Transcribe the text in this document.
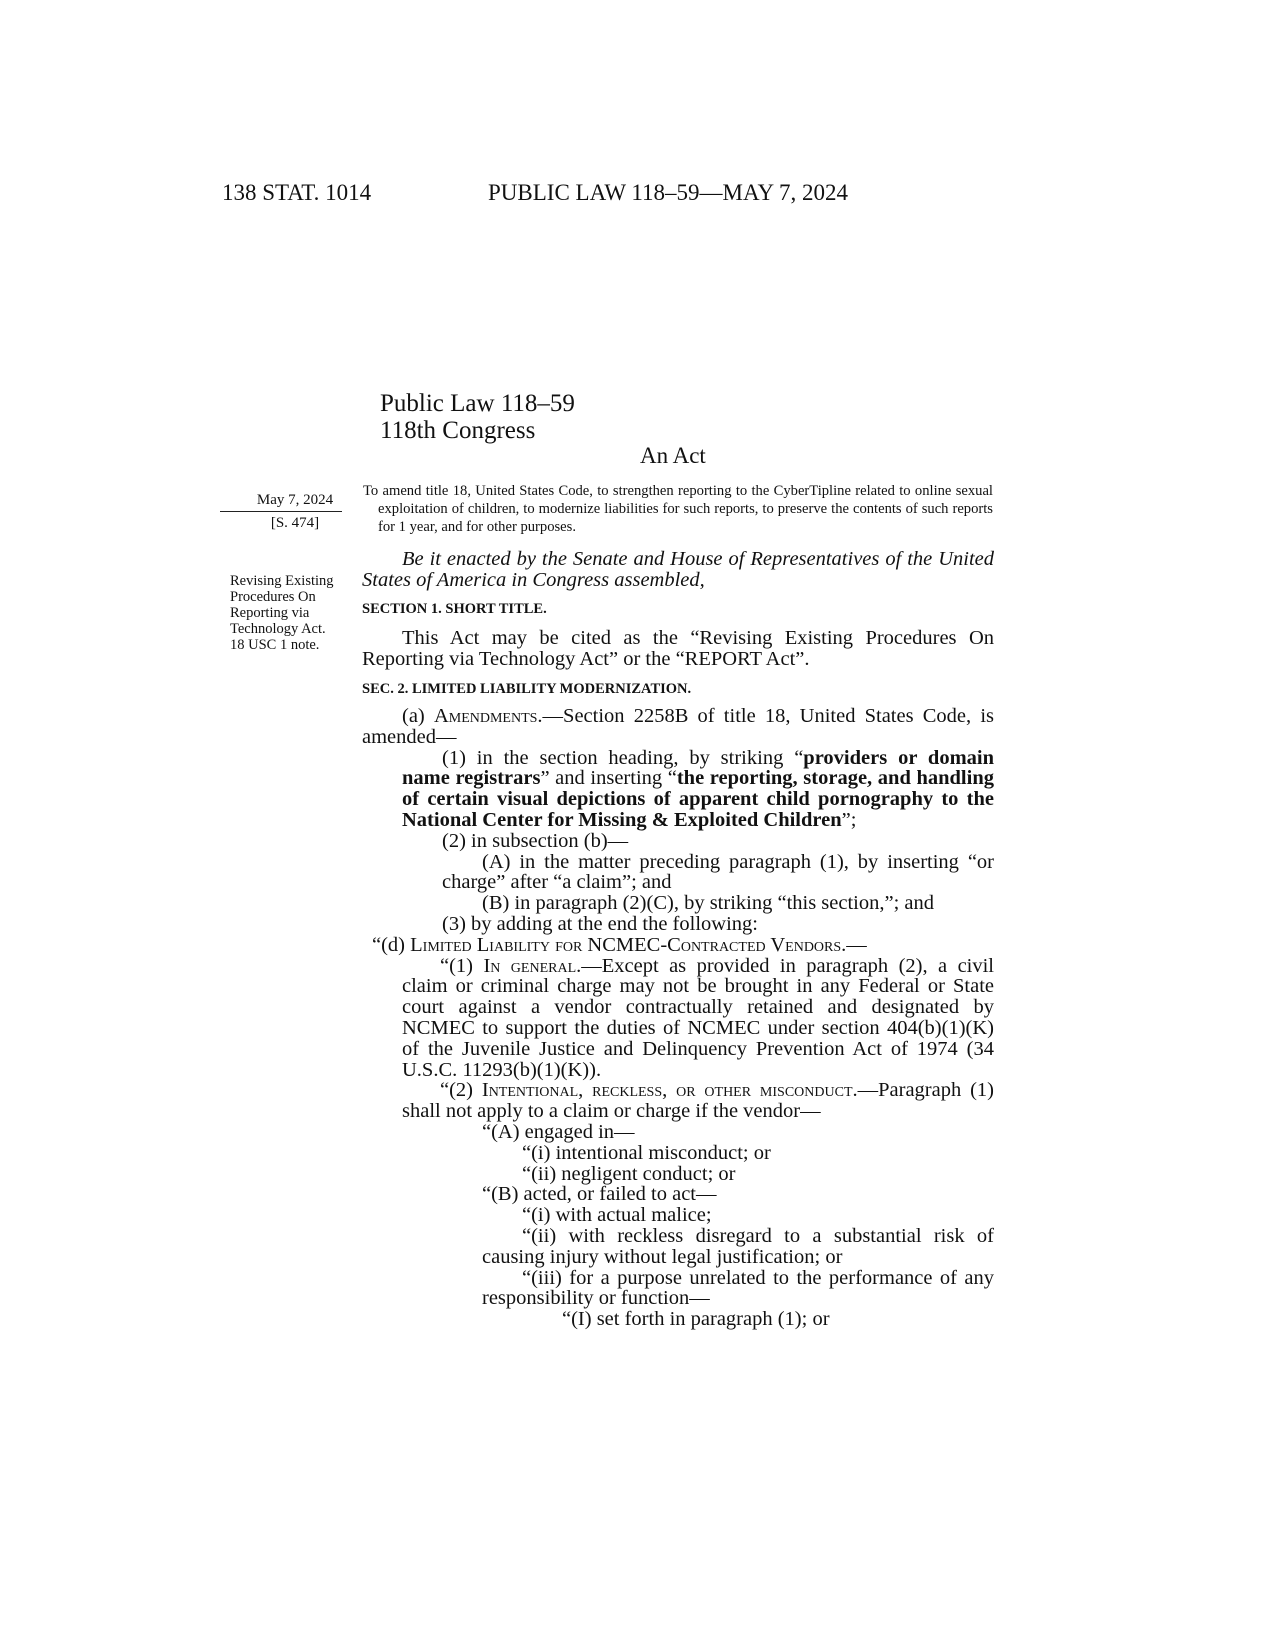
138 STAT. 1014	PUBLIC LAW 118–59—MAY 7, 2024
Public Law 118–59
118th Congress
An Act
May 7, 2024
[S. 474]
Revising Existing
Procedures On
Reporting via
Technology Act.
18 USC 1 note.

To amend title 18, United States Code, to strengthen reporting to the CyberTipline related to online sexual exploitation of children, to modernize liabilities for such reports, to preserve the contents of such reports for 1 year, and for other purposes.

Be it enacted by the Senate and House of Representatives of the United States of America in Congress assembled,

SECTION 1. SHORT TITLE.

This Act may be cited as the “Revising Existing Procedures On Reporting via Technology Act” or the “REPORT Act”.

SEC. 2. LIMITED LIABILITY MODERNIZATION.

(a) Amendments.—Section 2258B of title 18, United States Code, is amended—

(1) in the section heading, by striking “providers or domain name registrars” and inserting “the reporting, storage, and handling of certain visual depictions of apparent child pornography to the National Center for Missing & Exploited Children”;

(2) in subsection (b)—

(A) in the matter preceding paragraph (1), by inserting “or charge” after “a claim”; and

(B) in paragraph (2)(C), by striking “this section,”; and

(3) by adding at the end the following:

“(d) Limited Liability for NCMEC-Contracted Vendors.—

“(1) In general.—Except as provided in paragraph (2), a civil claim or criminal charge may not be brought in any Federal or State court against a vendor contractually retained and designated by NCMEC to support the duties of NCMEC under section 404(b)(1)(K) of the Juvenile Justice and Delinquency Prevention Act of 1974 (34 U.S.C. 11293(b)(1)(K)).

“(2) Intentional, reckless, or other misconduct.—Paragraph (1) shall not apply to a claim or charge if the vendor—

“(A) engaged in—

“(i) intentional misconduct; or

“(ii) negligent conduct; or

“(B) acted, or failed to act—

“(i) with actual malice;

“(ii) with reckless disregard to a substantial risk of causing injury without legal justification; or

“(iii) for a purpose unrelated to the performance of any responsibility or function—

“(I) set forth in paragraph (1); or
